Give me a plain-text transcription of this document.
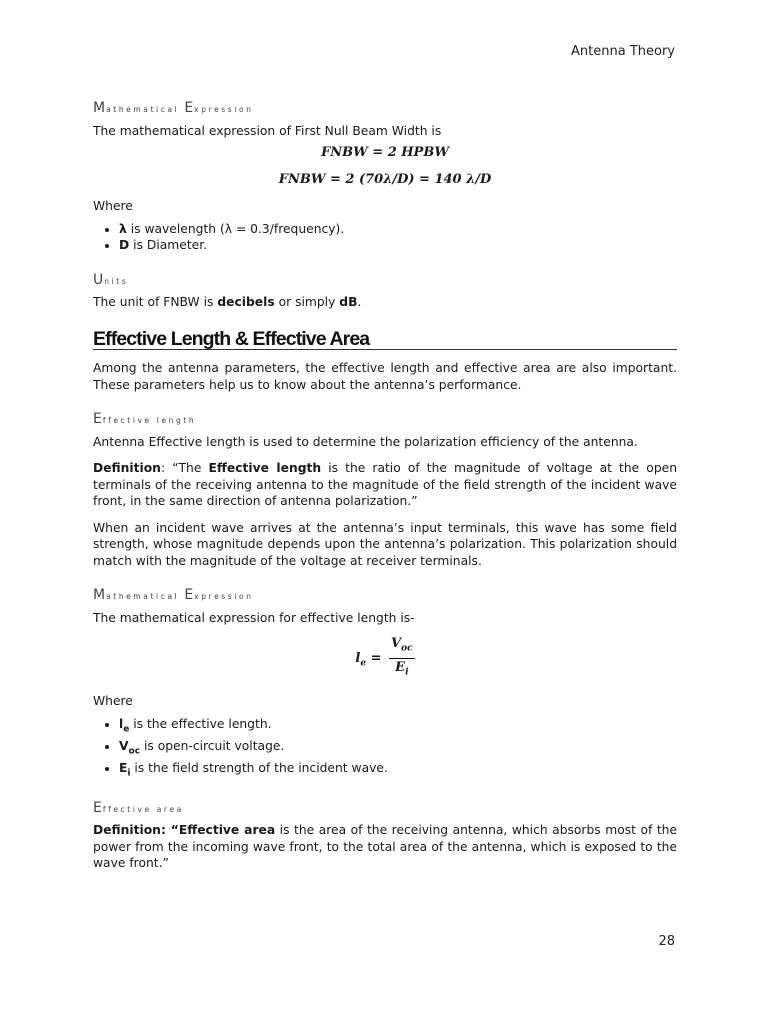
Antenna Theory
Mathematical Expression

The mathematical expression of First Null Beam Width is

FNBW = 2 HPBW
FNBW = 2 (70λ/D) = 140 λ/D

Where

• λ is wavelength (λ = 0.3/frequency).
• D is Diameter.
Units

The unit of FNBW is decibels or simply dB.

Effective Length & Effective Area

Among the antenna parameters, the effective length and effective area are also important. These parameters help us to know about the antenna’s performance.

Effective length

Antenna Effective length is used to determine the polarization efficiency of the antenna.

Definition: “The Effective length is the ratio of the magnitude of voltage at the open terminals of the receiving antenna to the magnitude of the field strength of the incident wave front, in the same direction of antenna polarization.”

When an incident wave arrives at the antenna’s input terminals, this wave has some field strength, whose magnitude depends upon the antenna’s polarization. This polarization should match with the magnitude of the voltage at receiver terminals.

Mathematical Expression

The mathematical expression for effective length is-

$l_e = \frac{V_{oc}}{E_i}$

Where

• $l_e$ is the effective length.
• $V_{oc}$ is open-circuit voltage.
• $E_i$ is the field strength of the incident wave.
Effective area

Definition: “Effective area is the area of the receiving antenna, which absorbs most of the power from the incoming wave front, to the total area of the antenna, which is exposed to the wave front.”

28
